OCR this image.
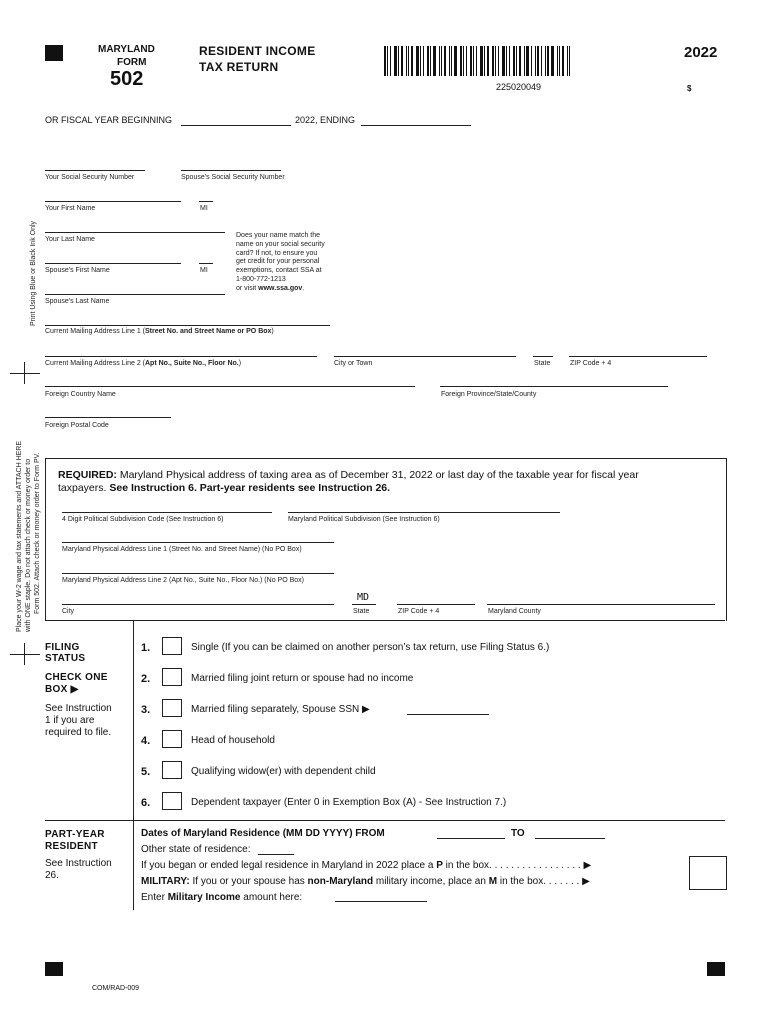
MARYLAND
FORM
502
RESIDENT INCOME
TAX RETURN
2022
225020049	$
OR FISCAL YEAR BEGINNING	2022, ENDING
Print Using Blue or Black Ink Only
Place your W-2 wage and tax statements and ATTACH HERE with ONE staple. Do not attach check or money order to Form 502. Attach check or money order to Form PV.
Your Social Security Number	Spouse's Social Security Number
Your First Name	MI
Your Last Name
Spouse's First Name	MI
Spouse's Last Name
Does your name match the
name on your social security
card? If not, to ensure you
get credit for your personal
exemptions, contact SSA at
1-800-772-1213
or visit www.ssa.gov.
Current Mailing Address Line 1 (Street No. and Street Name or PO Box)
Current Mailing Address Line 2 (Apt No., Suite No., Floor No.)	City or Town	State	ZIP Code + 4
Foreign Country Name	Foreign Province/State/County
Foreign Postal Code
REQUIRED: Maryland Physical address of taxing area as of December 31, 2022 or last day of the taxable year for fiscal year
taxpayers. See Instruction 6. Part-year residents see Instruction 26.
4 Digit Political Subdivision Code (See Instruction 6)	Maryland Political Subdivision (See Instruction 6)
Maryland Physical Address Line 1 (Street No. and Street Name) (No PO Box)
Maryland Physical Address Line 2 (Apt No., Suite No., Floor No.) (No PO Box)
City
MD
State	ZIP Code + 4	Maryland County
FILING
STATUS
CHECK ONE
BOX ▶
See Instruction
1 if you are
required to file.
1.	Single (If you can be claimed on another person’s tax return, use Filing Status 6.)
2.	Married filing joint return or spouse had no income
3.	Married filing separately, Spouse SSN ▶
4.	Head of household
5.	Qualifying widow(er) with dependent child
6.	Dependent taxpayer (Enter 0 in Exemption Box (A) - See Instruction 7.)
PART-YEAR
RESIDENT
See Instruction
26.
Dates of Maryland Residence (MM DD YYYY) FROM	TO
Other state of residence:
If you began or ended legal residence in Maryland in 2022 place a P in the box. . . . . . . . . . . . . . . . . ▶
MILITARY: If you or your spouse has non-Maryland military income, place an M in the box. . . . . . . ▶
Enter Military Income amount here:
COM/RAD-009
